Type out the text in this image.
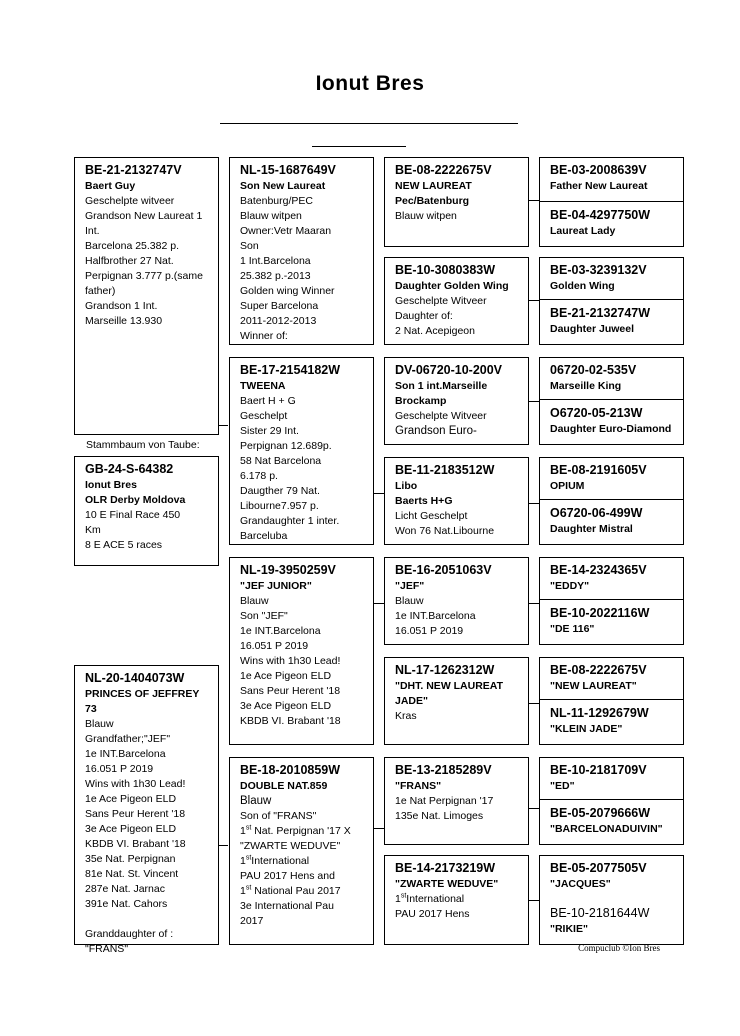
Ionut Bres
BE-21-2132747V
Baert Guy
Geschelpte witveer
Grandson New Laureat 1
Int.
Barcelona 25.382 p.
Halfbrother 27 Nat.
Perpignan 3.777 p.(same
father)
Grandson 1 Int.
Marseille 13.930
Stammbaum von Taube:
GB-24-S-64382
Ionut Bres
OLR Derby Moldova
10 E Final Race 450
Km
8 E ACE 5 races
NL-20-1404073W
PRINCES OF JEFFREY 73
Blauw
Grandfather;"JEF"
1e INT.Barcelona
16.051 P 2019
Wins with 1h30 Lead!
1e Ace Pigeon ELD
Sans Peur Herent '18
3e Ace Pigeon ELD
KBDB VI. Brabant '18
35e Nat. Perpignan
81e Nat. St. Vincent
287e Nat. Jarnac
391e Nat. Cahors
Granddaughter of :
"FRANS"
NL-15-1687649V
Son New Laureat
Batenburg/PEC
Blauw witpen
Owner:Vetr Maaran
Son
1 Int.Barcelona
25.382 p.-2013
Golden wing Winner
Super Barcelona
2011-2012-2013
Winner of:
BE-17-2154182W
TWEENA
Baert H + G
Geschelpt
Sister 29 Int.
Perpignan 12.689p.
58 Nat Barcelona
6.178 p.
Daugther 79 Nat.
Libourne7.957 p.
Grandaughter 1 inter.
Barceluba
NL-19-3950259V
"JEF JUNIOR"
Blauw
Son "JEF"
1e INT.Barcelona
16.051 P 2019
Wins with 1h30 Lead!
1e Ace Pigeon ELD
Sans Peur Herent '18
3e Ace Pigeon ELD
KBDB VI. Brabant '18
BE-18-2010859W
DOUBLE NAT.859
Blauw
Son of "FRANS"
1st Nat. Perpignan '17 X
"ZWARTE WEDUVE"
1stInternational
PAU 2017 Hens and
1st National Pau 2017
3e International Pau
2017
BE-08-2222675V
NEW LAUREAT
Pec/Batenburg
Blauw witpen
BE-10-3080383W
Daughter Golden Wing
Geschelpte Witveer
Daughter of:
2 Nat. Acepigeon
DV-06720-10-200V
Son 1 int.Marseille
Brockamp
Geschelpte Witveer
Grandson Euro-
BE-11-2183512W
Libo
Baerts H+G
Licht Geschelpt
Won 76 Nat.Libourne
BE-16-2051063V
"JEF"
Blauw
1e INT.Barcelona
16.051 P 2019
NL-17-1262312W
"DHT. NEW LAUREAT
JADE"
Kras
BE-13-2185289V
"FRANS"
1e Nat Perpignan '17
135e Nat. Limoges
BE-14-2173219W
"ZWARTE WEDUVE"
1stInternational
PAU 2017 Hens
BE-03-2008639V
Father New Laureat
BE-04-4297750W
Laureat Lady
BE-03-3239132V
Golden Wing
BE-21-2132747W
Daughter Juweel
06720-02-535V
Marseille King
O6720-05-213W
Daughter Euro-Diamond
BE-08-2191605V
OPIUM
O6720-06-499W
Daughter Mistral
BE-14-2324365V
"EDDY"
BE-10-2022116W
"DE 116"
BE-08-2222675V
"NEW LAUREAT"
NL-11-1292679W
"KLEIN JADE"
BE-10-2181709V
"ED"
BE-05-2079666W
"BARCELONADUIVIN"
BE-05-2077505V
"JACQUES"
BE-10-2181644W
"RIKIE"
Compuclub ©Ion Bres
